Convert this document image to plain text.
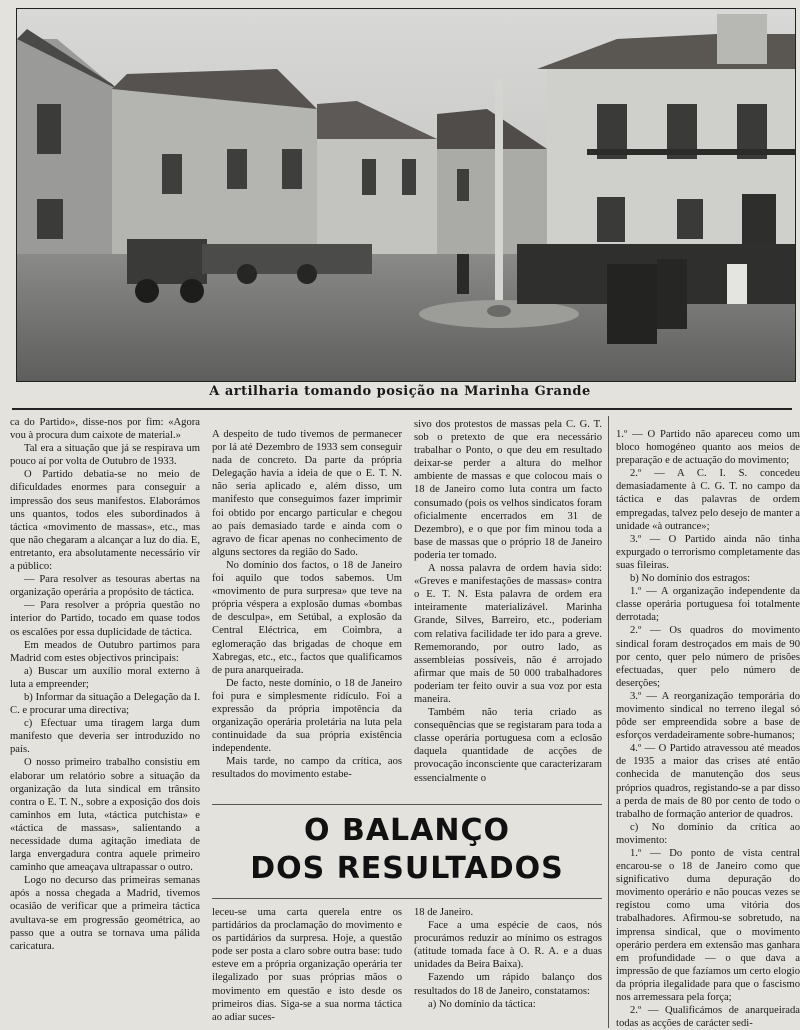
A artilharia tomando posição na Marinha Grande

ca do Partido», disse-nos por fim: «Agora vou à procura dum caixote de material.»

Tal era a situação que já se respirava um pouco aí por volta de Outubro de 1933.

O Partido debatia-se no meio de dificuldades enormes para conseguir a impressão dos seus manifestos. Elaborámos uns quantos, todos eles subordinados à táctica «movimento de massas», etc., mas que não chegaram a alcançar a luz do dia. E, entretanto, era absolutamente necessário vir a público:

— Para resolver as tesouras abertas na organização operária a propósito de táctica.

— Para resolver a própria questão no interior do Partido, tocado em quase todos os escalões por essa duplicidade de táctica.

Em meados de Outubro partimos para Madrid com estes objectivos principais:

a) Buscar um auxílio moral externo à luta a empreender;

b) Informar da situação a Delegação da I. C. e procurar uma directiva;

c) Efectuar uma tiragem larga dum manifesto que deveria ser introduzido no país.

O nosso primeiro trabalho consistiu em elaborar um relatório sobre a situação da organização da luta sindical em trânsito contra o E. T. N., sobre a exposição dos dois caminhos em luta, «táctica putchista» e «táctica de massas», salientando a necessidade duma agitação imediata de larga envergadura contra aquele primeiro caminho que ameaçava ultrapassar o outro.

Logo no decurso das primeiras semanas após a nossa chegada a Madrid, tivemos ocasião de verificar que a primeira táctica avultava-se em progressão geométrica, ao passo que a outra se tornava uma pálida caricatura.

A despeito de tudo tivemos de permanecer por lá até Dezembro de 1933 sem conseguir nada de concreto. Da parte da própria Delegação havia a ideia de que o E. T. N. não seria aplicado e, além disso, um manifesto que conseguimos fazer imprimir foi obtido por encargo particular e chegou ao país demasiado tarde e ainda com o agravo de ficar apenas no conhecimento de alguns sectores da região do Sado.

No domínio dos factos, o 18 de Janeiro foi aquilo que todos sabemos. Um «movimento de pura surpresa» que teve na própria véspera a explosão dumas «bombas de desculpa», em Setúbal, a explosão da Central Eléctrica, em Coimbra, a eglomeração das brigadas de choque em Xabregas, etc., etc., factos que qualificamos de pura anarqueirada.

De facto, neste domínio, o 18 de Janeiro foi pura e simplesmente ridículo. Foi a expressão da própria impotência da organização operária proletária na luta pela continuidade da sua própria existência independente.

Mais tarde, no campo da crítica, aos resultados do movimento estabe-

sivo dos protestos de massas pela C. G. T. sob o pretexto de que era necessário trabalhar o Ponto, o que deu em resultado deixar-se perder a altura do melhor ambiente de massas e que colocou mais o 18 de Janeiro como luta contra um facto consumado (pois os velhos sindicatos foram oficialmente encerrados em 31 de Dezembro), e o que por fim minou toda a base de massas que o próprio 18 de Janeiro poderia ter tomado.

A nossa palavra de ordem havia sido: «Greves e manifestações de massas» contra o E. T. N. Esta palavra de ordem era inteiramente materializável. Marinha Grande, Silves, Barreiro, etc., poderiam com relativa facilidade ter ido para a greve. Rememorando, por outro lado, as assembleias possíveis, não é arrojado afirmar que mais de 50 000 trabalhadores poderiam ter feito ouvir a sua voz por esta maneira.

Também não teria criado as consequências que se registaram para toda a classe operária portuguesa com a eclosão daquela quantidade de acções de provocação inconsciente que caracterizaram essencialmente o

O BALANÇO
DOS RESULTADOS

leceu-se uma carta querela entre os partidários da proclamação do movimento e os partidários da surpresa. Hoje, a questão pode ser posta a claro sobre outra base: tudo esteve em a própria organização operária ter ilegalizado por suas próprias mãos o movimento em questão e isto desde os primeiros dias. Siga-se a sua norma táctica ao adiar suces-

18 de Janeiro.

Face a uma espécie de caos, nós procurámos reduzir ao mínimo os estragos (atitude tomada face à O. R. A. e a duas unidades da Beira Baixa).

Fazendo um rápido balanço dos resultados do 18 de Janeiro, constatamos:

a) No domínio da táctica:

1.º — O Partido não apareceu como um bloco homogéneo quanto aos meios de preparação e de actuação do movimento;

2.º — A C. I. S. concedeu demasiadamente à C. G. T. no campo da táctica e das palavras de ordem empregadas, talvez pelo desejo de manter a unidade «à outrance»;

3.º — O Partido ainda não tinha expurgado o terrorismo completamente das suas fileiras.

b) No domínio dos estragos:

1.º — A organização independente da classe operária portuguesa foi totalmente derrotada;

2.º — Os quadros do movimento sindical foram destroçados em mais de 90 por cento, quer pelo número de prisões efectuadas, quer pelo número de deserções;

3.º — A reorganização temporária do movimento sindical no terreno ilegal só pôde ser empreendida sobre a base de esforços verdadeiramente sobre-humanos;

4.º — O Partido atravessou até meados de 1935 a maior das crises até então conhecida de manutenção dos seus próprios quadros, registando-se a par disso a perda de mais de 80 por cento de todo o trabalho de formação anterior de quadros.

c) No domínio da crítica ao movimento:

1.º — Do ponto de vista central encarou-se o 18 de Janeiro como que significativo duma depuração do movimento operário e não poucas vezes se registou como uma vitória dos trabalhadores. Afirmou-se sobretudo, na imprensa sindical, que o movimento operário perdera em extensão mas ganhara em profundidade — o que dava a impressão de que fazíamos um certo elogio da própria ilegalidade para que o fascismo nos arremessara pela força;

2.º — Qualificámos de anarqueirada todas as acções de carácter sedi-
